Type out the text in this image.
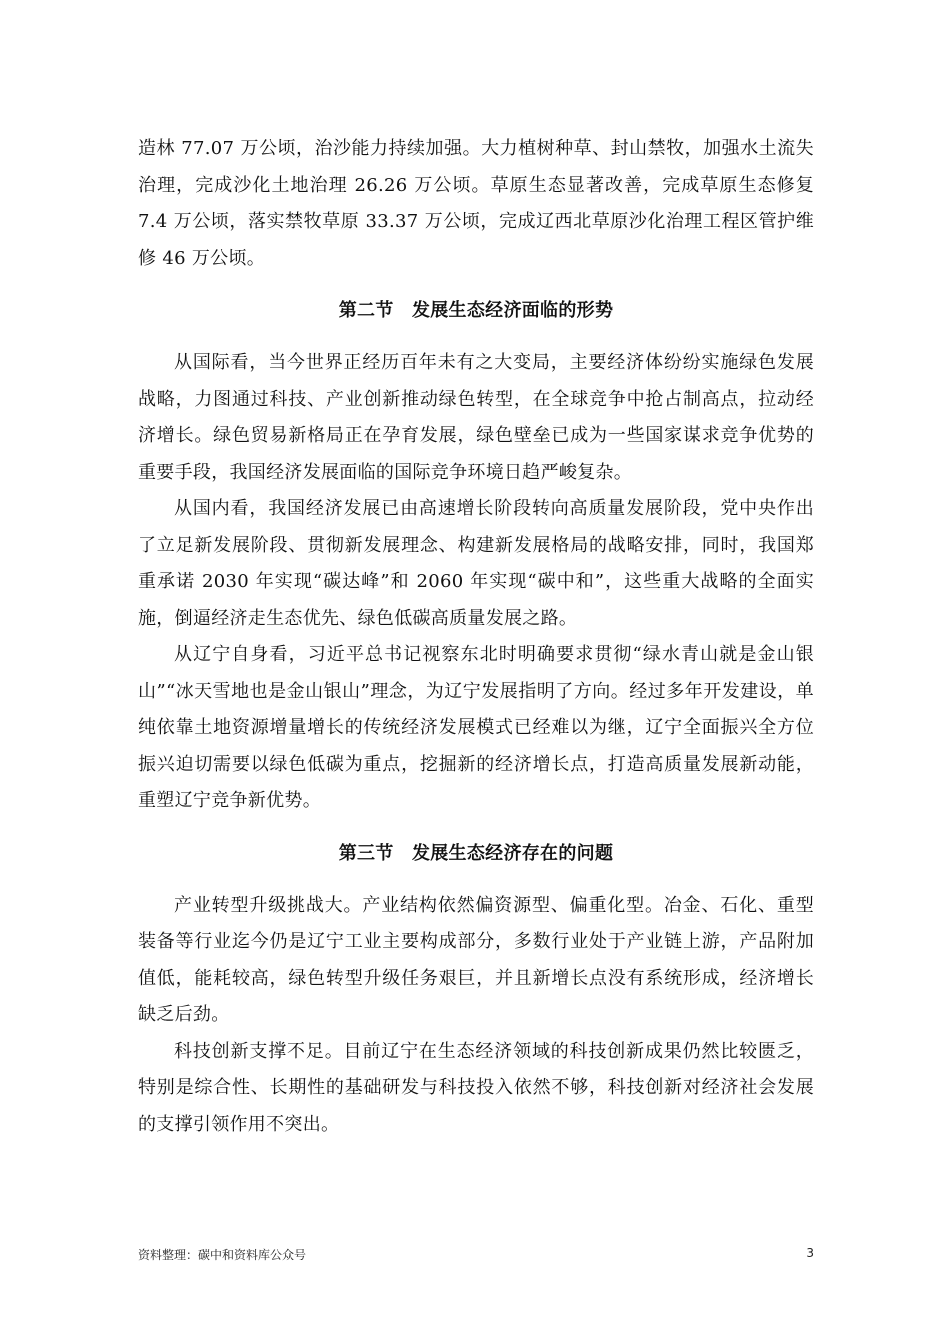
造林 77.07 万公顷，治沙能力持续加强。大力植树种草、封山禁牧，加强水土流失治理，完成沙化土地治理 26.26 万公顷。草原生态显著改善，完成草原生态修复 7.4 万公顷，落实禁牧草原 33.37 万公顷，完成辽西北草原沙化治理工程区管护维修 46 万公顷。

第二节　发展生态经济面临的形势

从国际看，当今世界正经历百年未有之大变局，主要经济体纷纷实施绿色发展战略，力图通过科技、产业创新推动绿色转型，在全球竞争中抢占制高点，拉动经济增长。绿色贸易新格局正在孕育发展，绿色壁垒已成为一些国家谋求竞争优势的重要手段，我国经济发展面临的国际竞争环境日趋严峻复杂。

从国内看，我国经济发展已由高速增长阶段转向高质量发展阶段，党中央作出了立足新发展阶段、贯彻新发展理念、构建新发展格局的战略安排，同时，我国郑重承诺 2030 年实现“碳达峰”和 2060 年实现“碳中和”，这些重大战略的全面实施，倒逼经济走生态优先、绿色低碳高质量发展之路。

从辽宁自身看，习近平总书记视察东北时明确要求贯彻“绿水青山就是金山银山”“冰天雪地也是金山银山”理念，为辽宁发展指明了方向。经过多年开发建设，单纯依靠土地资源增量增长的传统经济发展模式已经难以为继，辽宁全面振兴全方位振兴迫切需要以绿色低碳为重点，挖掘新的经济增长点，打造高质量发展新动能，重塑辽宁竞争新优势。

第三节　发展生态经济存在的问题

产业转型升级挑战大。产业结构依然偏资源型、偏重化型。冶金、石化、重型装备等行业迄今仍是辽宁工业主要构成部分，多数行业处于产业链上游，产品附加值低，能耗较高，绿色转型升级任务艰巨，并且新增长点没有系统形成，经济增长缺乏后劲。

科技创新支撑不足。目前辽宁在生态经济领域的科技创新成果仍然比较匮乏，特别是综合性、长期性的基础研发与科技投入依然不够，科技创新对经济社会发展的支撑引领作用不突出。

资料整理：碳中和资料库公众号	3
